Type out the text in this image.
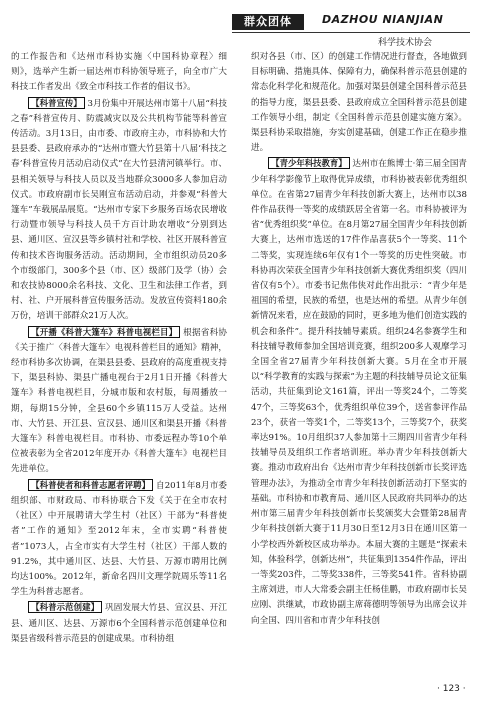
群众团体	DAZHOU NIANJIAN
科学技术协会

的工作报告和《达州市科协实施〈中国科协章程〉细则》，选举产生新一届达州市科协领导班子，向全市广大科技工作者发出《致全市科技工作者的倡议书》。

【科普宣传】 3月份集中开展达州市第十八届“科技之春”科普宣传月、防震减灾以及公共机构节能等科普宣传活动。3月13日，由市委、市政府主办，市科协和大竹县县委、县政府承办的“达州市暨大竹县第十八届‘科技之春’科普宣传月活动启动仪式”在大竹县清河镇举行。市、县相关领导与科技人员以及当地群众3000多人参加启动仪式。市政府副市长吴刚宣布活动启动，并参观“科普大篷车”车载展品展览。“达州市专家下乡服务百场农民增收行动暨市领导与科技人员千方百计助农增收”分别到达县、通川区、宣汉县等乡镇村社和学校、社区开展科普宣传和技术咨询服务活动。活动期间，全市组织动员20多个市级部门，300多个县（市、区）级部门及学（协）会和农技协8000余名科技、文化、卫生和法律工作者，到村、社、户开展科普宣传服务活动。发放宣传资料180余万份，培训干部群众21万人次。

【开播《科普大篷车》科普电视栏目】 根据省科协《关于推广〈科普大篷车〉电视科普栏目的通知》精神，经市科协多次协调，在渠县县委、县政府的高度重视支持下，渠县科协、渠县广播电视台于2月1日开播《科普大篷车》科普电视栏目，分城市版和农村版，每周播放一期，每期15分钟，全县60个乡镇115万人受益。达州市、大竹县、开江县、宣汉县、通川区和渠县开播《科普大篷车》科普电视栏目。市科协、市委远程办等10个单位被表彰为全省2012年度开办《科普大篷车》电视栏目先进单位。

【科普使者和科普志愿者评聘】 自2011年8月市委组织部、市财政局、市科协联合下发《关于在全市农村（社区）中开展聘请大学生村（社区）干部为“科普使者”工作的通知》至2012年末，全市实聘“科普使者”1073人，占全市实有大学生村（社区）干部人数的91.2%，其中通川区、达县、大竹县、万源市聘用比例均达100%。2012年，新命名四川文理学院周乐等11名学生为科普志愿者。

【科普示范创建】 巩固发展大竹县、宣汉县、开江县、通川区、达县、万源市6个全国科普示范创建单位和渠县省级科普示范县的创建成果。市科协组

织对各县（市、区）的创建工作情况进行督查，各地做到目标明确、措施具体、保障有力，确保科普示范县创建的常态化科学化和规范化。加强对渠县创建全国科普示范县的指导力度，渠县县委、县政府成立全国科普示范县创建工作领导小组，制定《全国科普示范县创建实施方案》。渠县科协采取措施，夯实创建基础，创建工作正在稳步推进。

【青少年科技教育】 达州市在熊博士·第三届全国青少年科学影像节上取得优异成绩，市科协被表彰优秀组织单位。在省第27届青少年科技创新大赛上，达州市以38件作品获得一等奖的成绩跃居全省第一名。市科协被评为省“优秀组织奖”单位。在8月第27届全国青少年科技创新大赛上，达州市选送的17件作品喜获5个一等奖、11个二等奖，实现连续6年仅有1个一等奖的历史性突破。市科协再次荣获全国青少年科技创新大赛优秀组织奖（四川省仅有5个）。市委书记焦伟侠对此作出批示：“青少年是祖国的希望，民族的希望，也是达州的希望。从青少年创新情况来看，应在鼓励的同时，更多地为他们创造实践的机会和条件”。提升科技辅导素质。组织24名参赛学生和科技辅导教师参加全国培训竞赛，组织200多人观摩学习全国全省27届青少年科技创新大赛。5月在全市开展以“科学教育的实践与探索”为主题的科技辅导员论文征集活动，共征集到论文161篇，评出一等奖24个，二等奖47个，三等奖63个，优秀组织单位39个，送省参评作品23个，获省一等奖1个，二等奖13个，三等奖7个，获奖率达91%。10月组织37人参加第十三期四川省青少年科技辅导员及组织工作者培训班。举办青少年科技创新大赛。推动市政府出台《达州市青少年科技创新市长奖评选管理办法》，为推动全市青少年科技创新活动打下坚实的基础。市科协和市教育局、通川区人民政府共同举办的达州市第三届青少年科技创新市长奖颁奖大会暨第28届青少年科技创新大赛于11月30日至12月3日在通川区第一小学校西外新校区成功举办。本届大赛的主题是“探索未知，体验科学，创新达州”，共征集到1354件作品，评出一等奖203件，二等奖338件，三等奖541件。省科协副主席刘进，市人大常委会副主任杨佳鹏，市政府副市长吴应刚、洪继斌，市政协副主席蒋德明等领导为出席会议并向全国、四川省和市青少年科技创

· 123 ·
